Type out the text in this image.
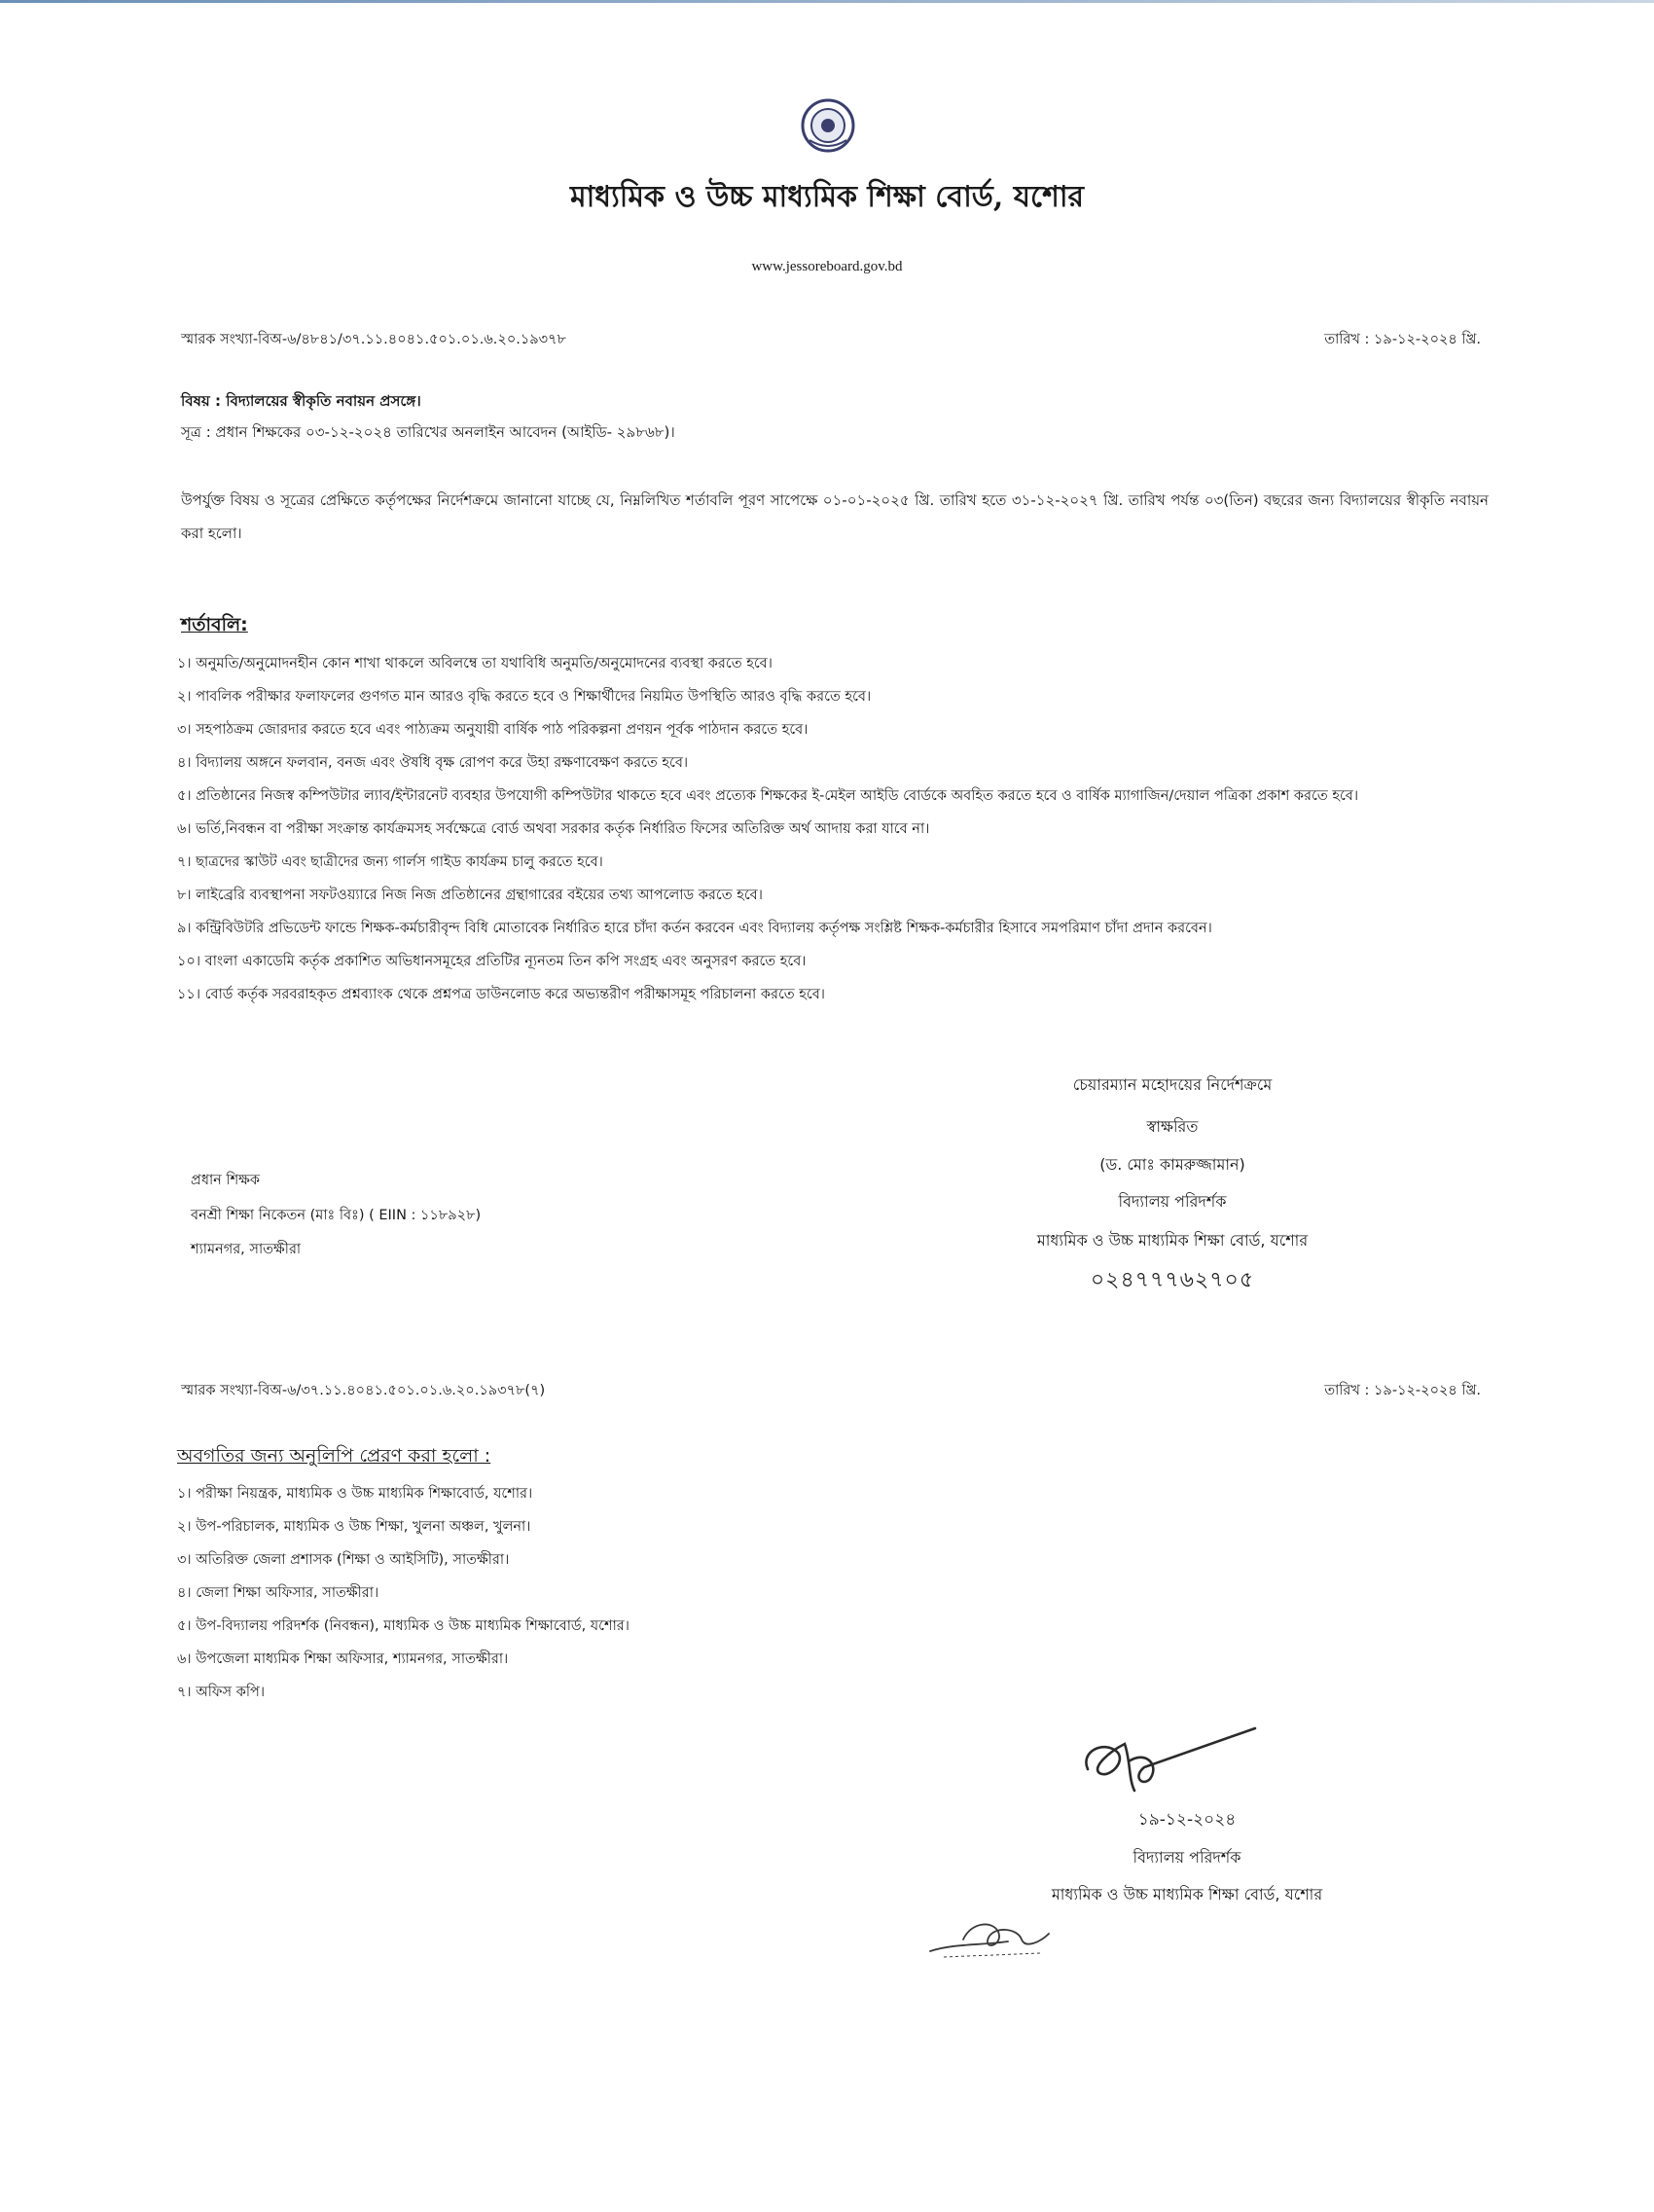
মাধ্যমিক ও উচ্চ মাধ্যমিক শিক্ষা বোর্ড, যশোর
www.jessoreboard.gov.bd
স্মারক সংখ্যা-বিঅ-৬/৪৮৪১/৩৭.১১.৪০৪১.৫০১.০১.৬.২০.১৯৩৭৮	তারিখ : ১৯-১২-২০২৪ খ্রি.
বিষয় : বিদ্যালয়ের স্বীকৃতি নবায়ন প্রসঙ্গে।
সূত্র : প্রধান শিক্ষকের ০৩-১২-২০২৪ তারিখের অনলাইন আবেদন (আইডি- ২৯৮৬৮)।
উপর্যুক্ত বিষয় ও সূত্রের প্রেক্ষিতে কর্তৃপক্ষের নির্দেশক্রমে জানানো যাচ্ছে যে, নিম্নলিখিত শর্তাবলি পূরণ সাপেক্ষে ০১-০১-২০২৫ খ্রি. তারিখ হতে ৩১-১২-২০২৭ খ্রি. তারিখ পর্যন্ত ০৩(তিন) বছরের জন্য বিদ্যালয়ের স্বীকৃতি নবায়ন করা হলো।
শর্তাবলি:
১। অনুমতি/অনুমোদনহীন কোন শাখা থাকলে অবিলম্বে তা যথাবিধি অনুমতি/অনুমোদনের ব্যবস্থা করতে হবে।
২। পাবলিক পরীক্ষার ফলাফলের গুণগত মান আরও বৃদ্ধি করতে হবে ও শিক্ষার্থীদের নিয়মিত উপস্থিতি আরও বৃদ্ধি করতে হবে।
৩। সহপাঠক্রম জোরদার করতে হবে এবং পাঠ্যক্রম অনুযায়ী বার্ষিক পাঠ পরিকল্পনা প্রণয়ন পূর্বক পাঠদান করতে হবে।
৪। বিদ্যালয় অঙ্গনে ফলবান, বনজ এবং ঔষধি বৃক্ষ রোপণ করে উহা রক্ষণাবেক্ষণ করতে হবে।
৫। প্রতিষ্ঠানের নিজস্ব কম্পিউটার ল্যাব/ইন্টারনেট ব্যবহার উপযোগী কম্পিউটার থাকতে হবে এবং প্রত্যেক শিক্ষকের ই-মেইল আইডি বোর্ডকে অবহিত করতে হবে ও বার্ষিক ম্যাগাজিন/দেয়াল পত্রিকা প্রকাশ করতে হবে।
৬। ভর্তি,নিবন্ধন বা পরীক্ষা সংক্রান্ত কার্যক্রমসহ সর্বক্ষেত্রে বোর্ড অথবা সরকার কর্তৃক নির্ধারিত ফিসের অতিরিক্ত অর্থ আদায় করা যাবে না।
৭। ছাত্রদের স্কাউট এবং ছাত্রীদের জন্য গার্লস গাইড কার্যক্রম চালু করতে হবে।
৮। লাইব্রেরি ব্যবস্থাপনা সফটওয়্যারে নিজ নিজ প্রতিষ্ঠানের গ্রন্থাগারের বইয়ের তথ্য আপলোড করতে হবে।
৯। কন্ট্রিবিউটরি প্রভিডেন্ট ফান্ডে শিক্ষক-কর্মচারীবৃন্দ বিধি মোতাবেক নির্ধারিত হারে চাঁদা কর্তন করবেন এবং বিদ্যালয় কর্তৃপক্ষ সংশ্লিষ্ট শিক্ষক-কর্মচারীর হিসাবে সমপরিমাণ চাঁদা প্রদান করবেন।
১০। বাংলা একাডেমি কর্তৃক প্রকাশিত অভিধানসমূহের প্রতিটির ন্যূনতম তিন কপি সংগ্রহ এবং অনুসরণ করতে হবে।
১১। বোর্ড কর্তৃক সরবরাহকৃত প্রশ্নব্যাংক থেকে প্রশ্নপত্র ডাউনলোড করে অভ্যন্তরীণ পরীক্ষাসমূহ পরিচালনা করতে হবে।
চেয়ারম্যান মহোদয়ের নির্দেশক্রমে
স্বাক্ষরিত
(ড. মোঃ কামরুজ্জামান)
বিদ্যালয় পরিদর্শক
মাধ্যমিক ও উচ্চ মাধ্যমিক শিক্ষা বোর্ড, যশোর
০২৪৭৭৭৬২৭০৫
প্রধান শিক্ষক
বনশ্রী শিক্ষা নিকেতন (মাঃ বিঃ) ( EIIN : ১১৮৯২৮)
শ্যামনগর, সাতক্ষীরা
স্মারক সংখ্যা-বিঅ-৬/৩৭.১১.৪০৪১.৫০১.০১.৬.২০.১৯৩৭৮(৭)	তারিখ : ১৯-১২-২০২৪ খ্রি.
অবগতির জন্য অনুলিপি প্রেরণ করা হলো :
১। পরীক্ষা নিয়ন্ত্রক, মাধ্যমিক ও উচ্চ মাধ্যমিক শিক্ষাবোর্ড, যশোর।
২। উপ-পরিচালক, মাধ্যমিক ও উচ্চ শিক্ষা, খুলনা অঞ্চল, খুলনা।
৩। অতিরিক্ত জেলা প্রশাসক (শিক্ষা ও আইসিটি), সাতক্ষীরা।
৪। জেলা শিক্ষা অফিসার, সাতক্ষীরা।
৫। উপ-বিদ্যালয় পরিদর্শক (নিবন্ধন), মাধ্যমিক ও উচ্চ মাধ্যমিক শিক্ষাবোর্ড, যশোর।
৬। উপজেলা মাধ্যমিক শিক্ষা অফিসার, শ্যামনগর, সাতক্ষীরা।
৭। অফিস কপি।
১৯-১২-২০২৪
বিদ্যালয় পরিদর্শক
মাধ্যমিক ও উচ্চ মাধ্যমিক শিক্ষা বোর্ড, যশোর
